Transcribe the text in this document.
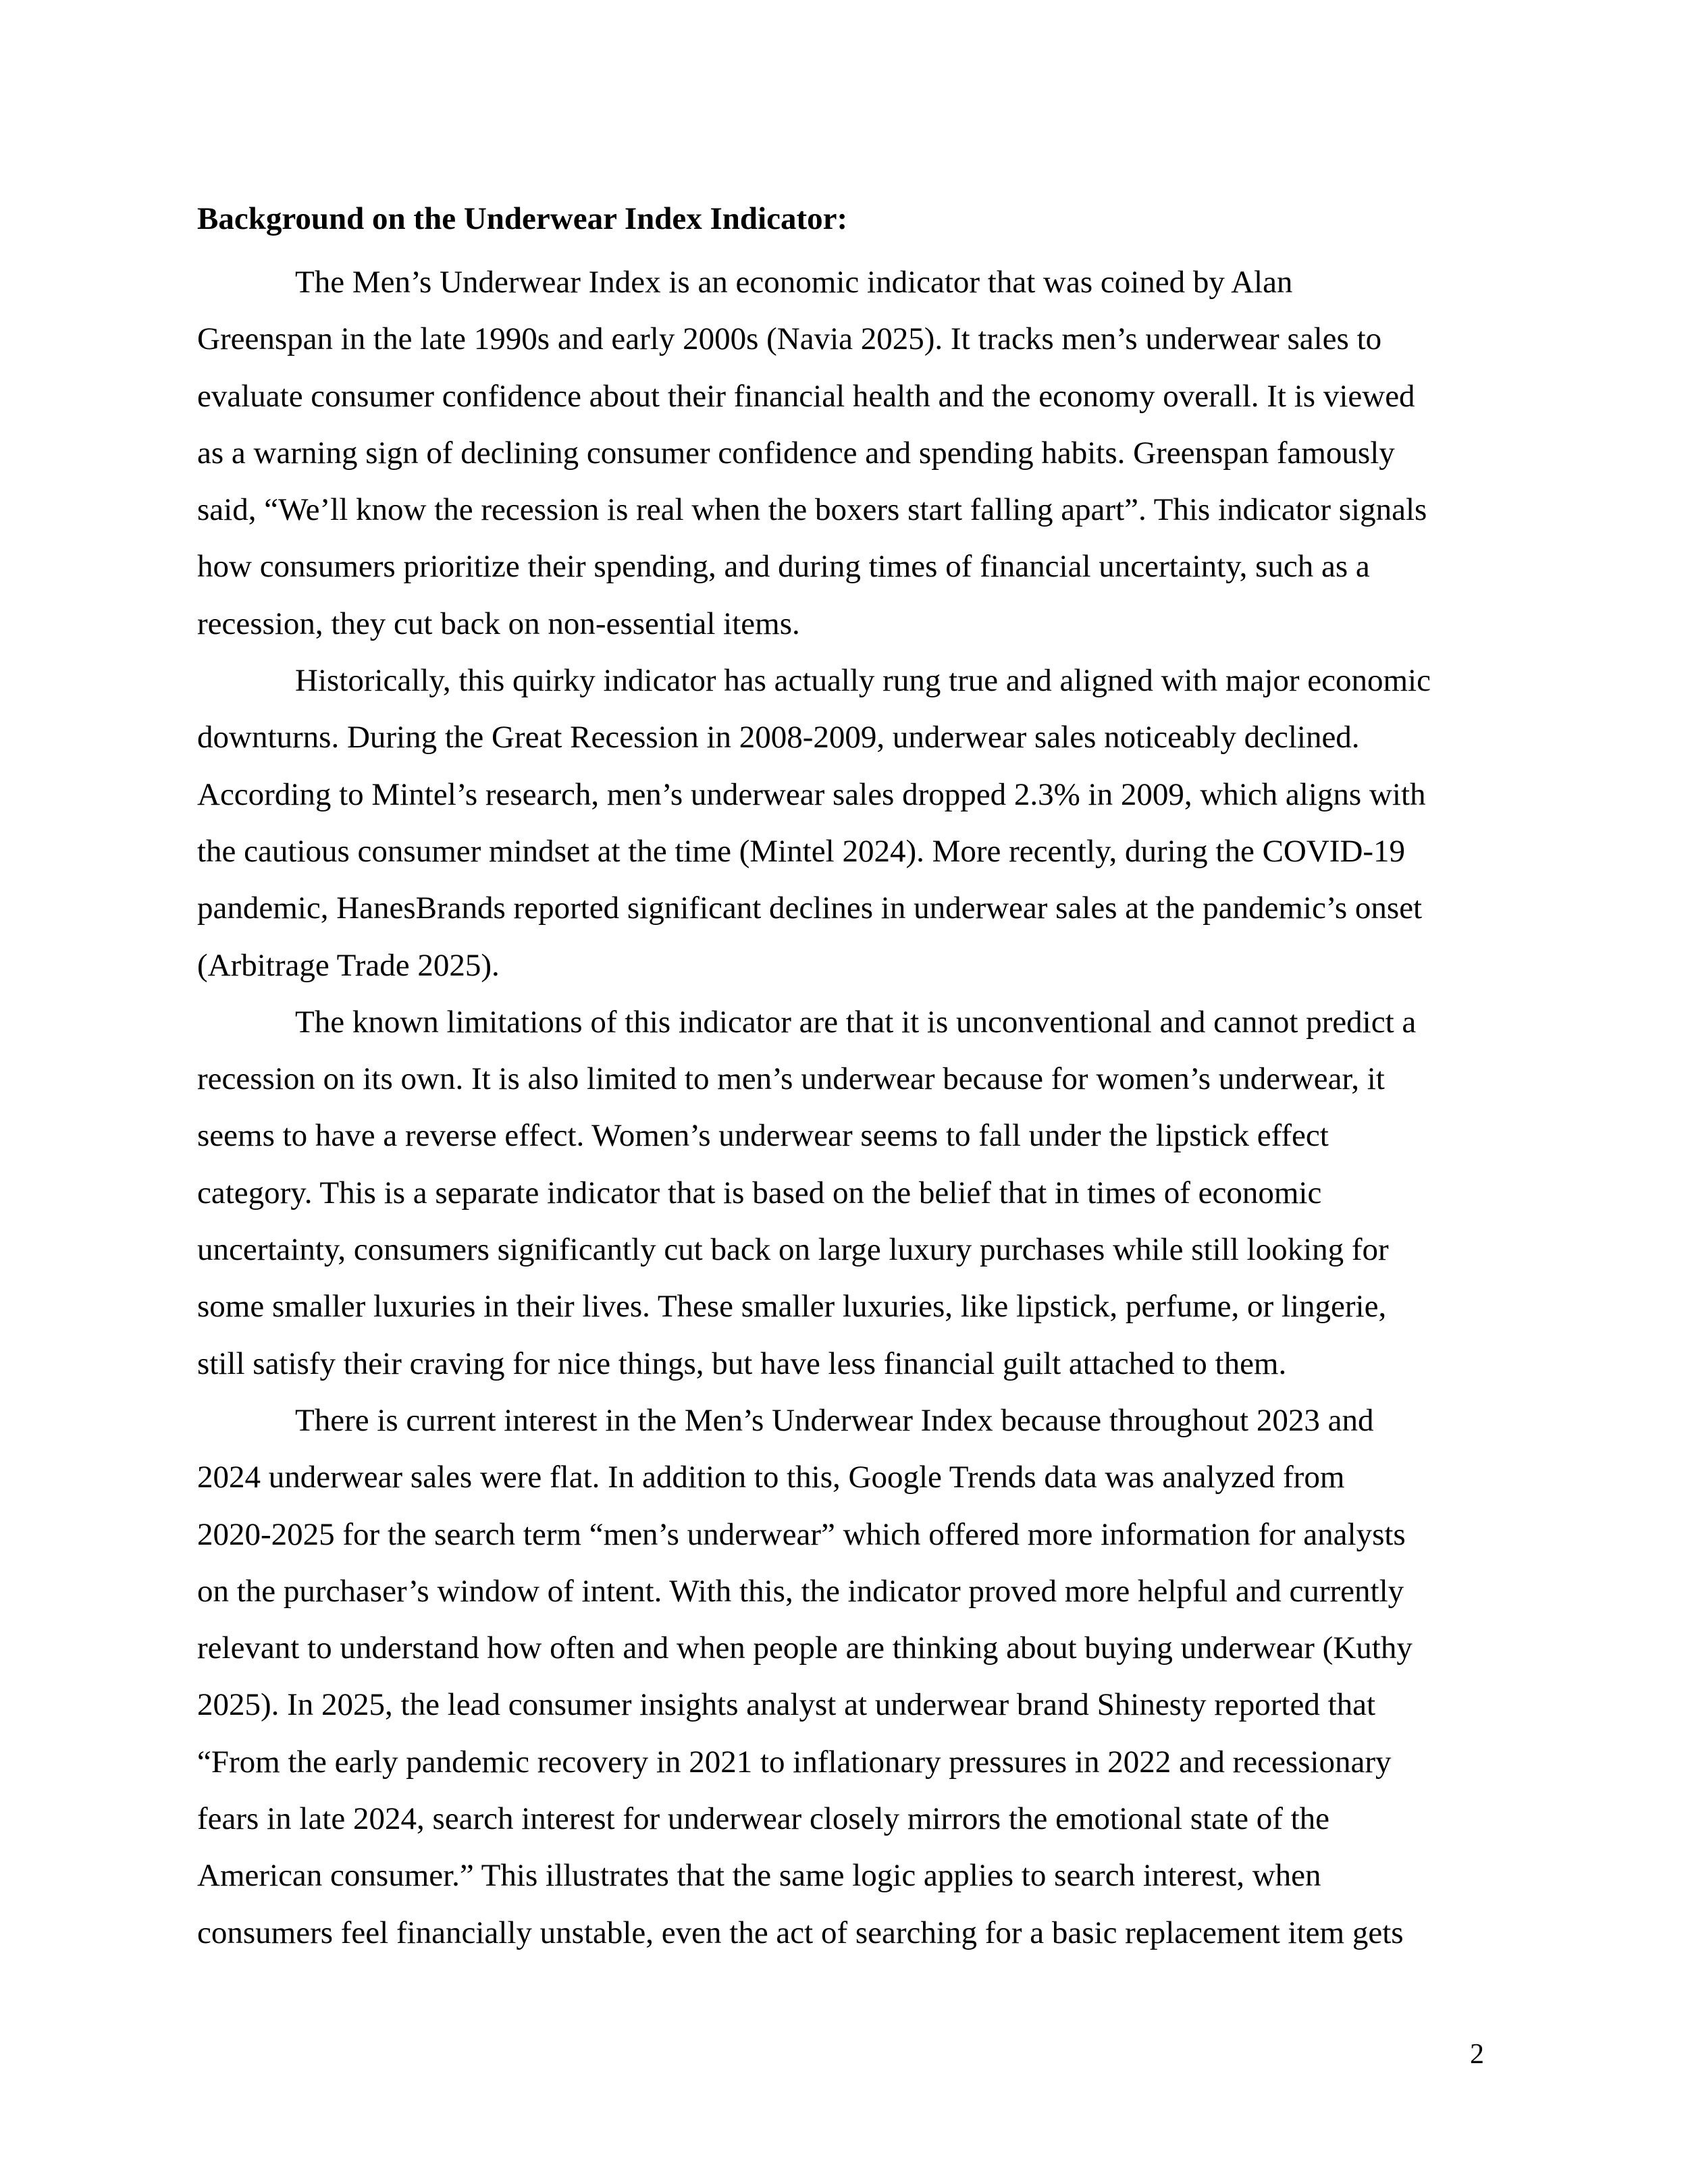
Background on the Underwear Index Indicator:

The Men’s Underwear Index is an economic indicator that was coined by Alan
Greenspan in the late 1990s and early 2000s (Navia 2025). It tracks men’s underwear sales to
evaluate consumer confidence about their financial health and the economy overall. It is viewed
as a warning sign of declining consumer confidence and spending habits. Greenspan famously
said, “We’ll know the recession is real when the boxers start falling apart”. This indicator signals
how consumers prioritize their spending, and during times of financial uncertainty, such as a
recession, they cut back on non-essential items.

Historically, this quirky indicator has actually rung true and aligned with major economic
downturns. During the Great Recession in 2008-2009, underwear sales noticeably declined.
According to Mintel’s research, men’s underwear sales dropped 2.3% in 2009, which aligns with
the cautious consumer mindset at the time (Mintel 2024). More recently, during the COVID-19
pandemic, HanesBrands reported significant declines in underwear sales at the pandemic’s onset
(Arbitrage Trade 2025).

The known limitations of this indicator are that it is unconventional and cannot predict a
recession on its own. It is also limited to men’s underwear because for women’s underwear, it
seems to have a reverse effect. Women’s underwear seems to fall under the lipstick effect
category. This is a separate indicator that is based on the belief that in times of economic
uncertainty, consumers significantly cut back on large luxury purchases while still looking for
some smaller luxuries in their lives. These smaller luxuries, like lipstick, perfume, or lingerie,
still satisfy their craving for nice things, but have less financial guilt attached to them.

There is current interest in the Men’s Underwear Index because throughout 2023 and
2024 underwear sales were flat. In addition to this, Google Trends data was analyzed from
2020-2025 for the search term “men’s underwear” which offered more information for analysts
on the purchaser’s window of intent. With this, the indicator proved more helpful and currently
relevant to understand how often and when people are thinking about buying underwear (Kuthy
2025). In 2025, the lead consumer insights analyst at underwear brand Shinesty reported that
“From the early pandemic recovery in 2021 to inflationary pressures in 2022 and recessionary
fears in late 2024, search interest for underwear closely mirrors the emotional state of the
American consumer.” This illustrates that the same logic applies to search interest, when
consumers feel financially unstable, even the act of searching for a basic replacement item gets

2
